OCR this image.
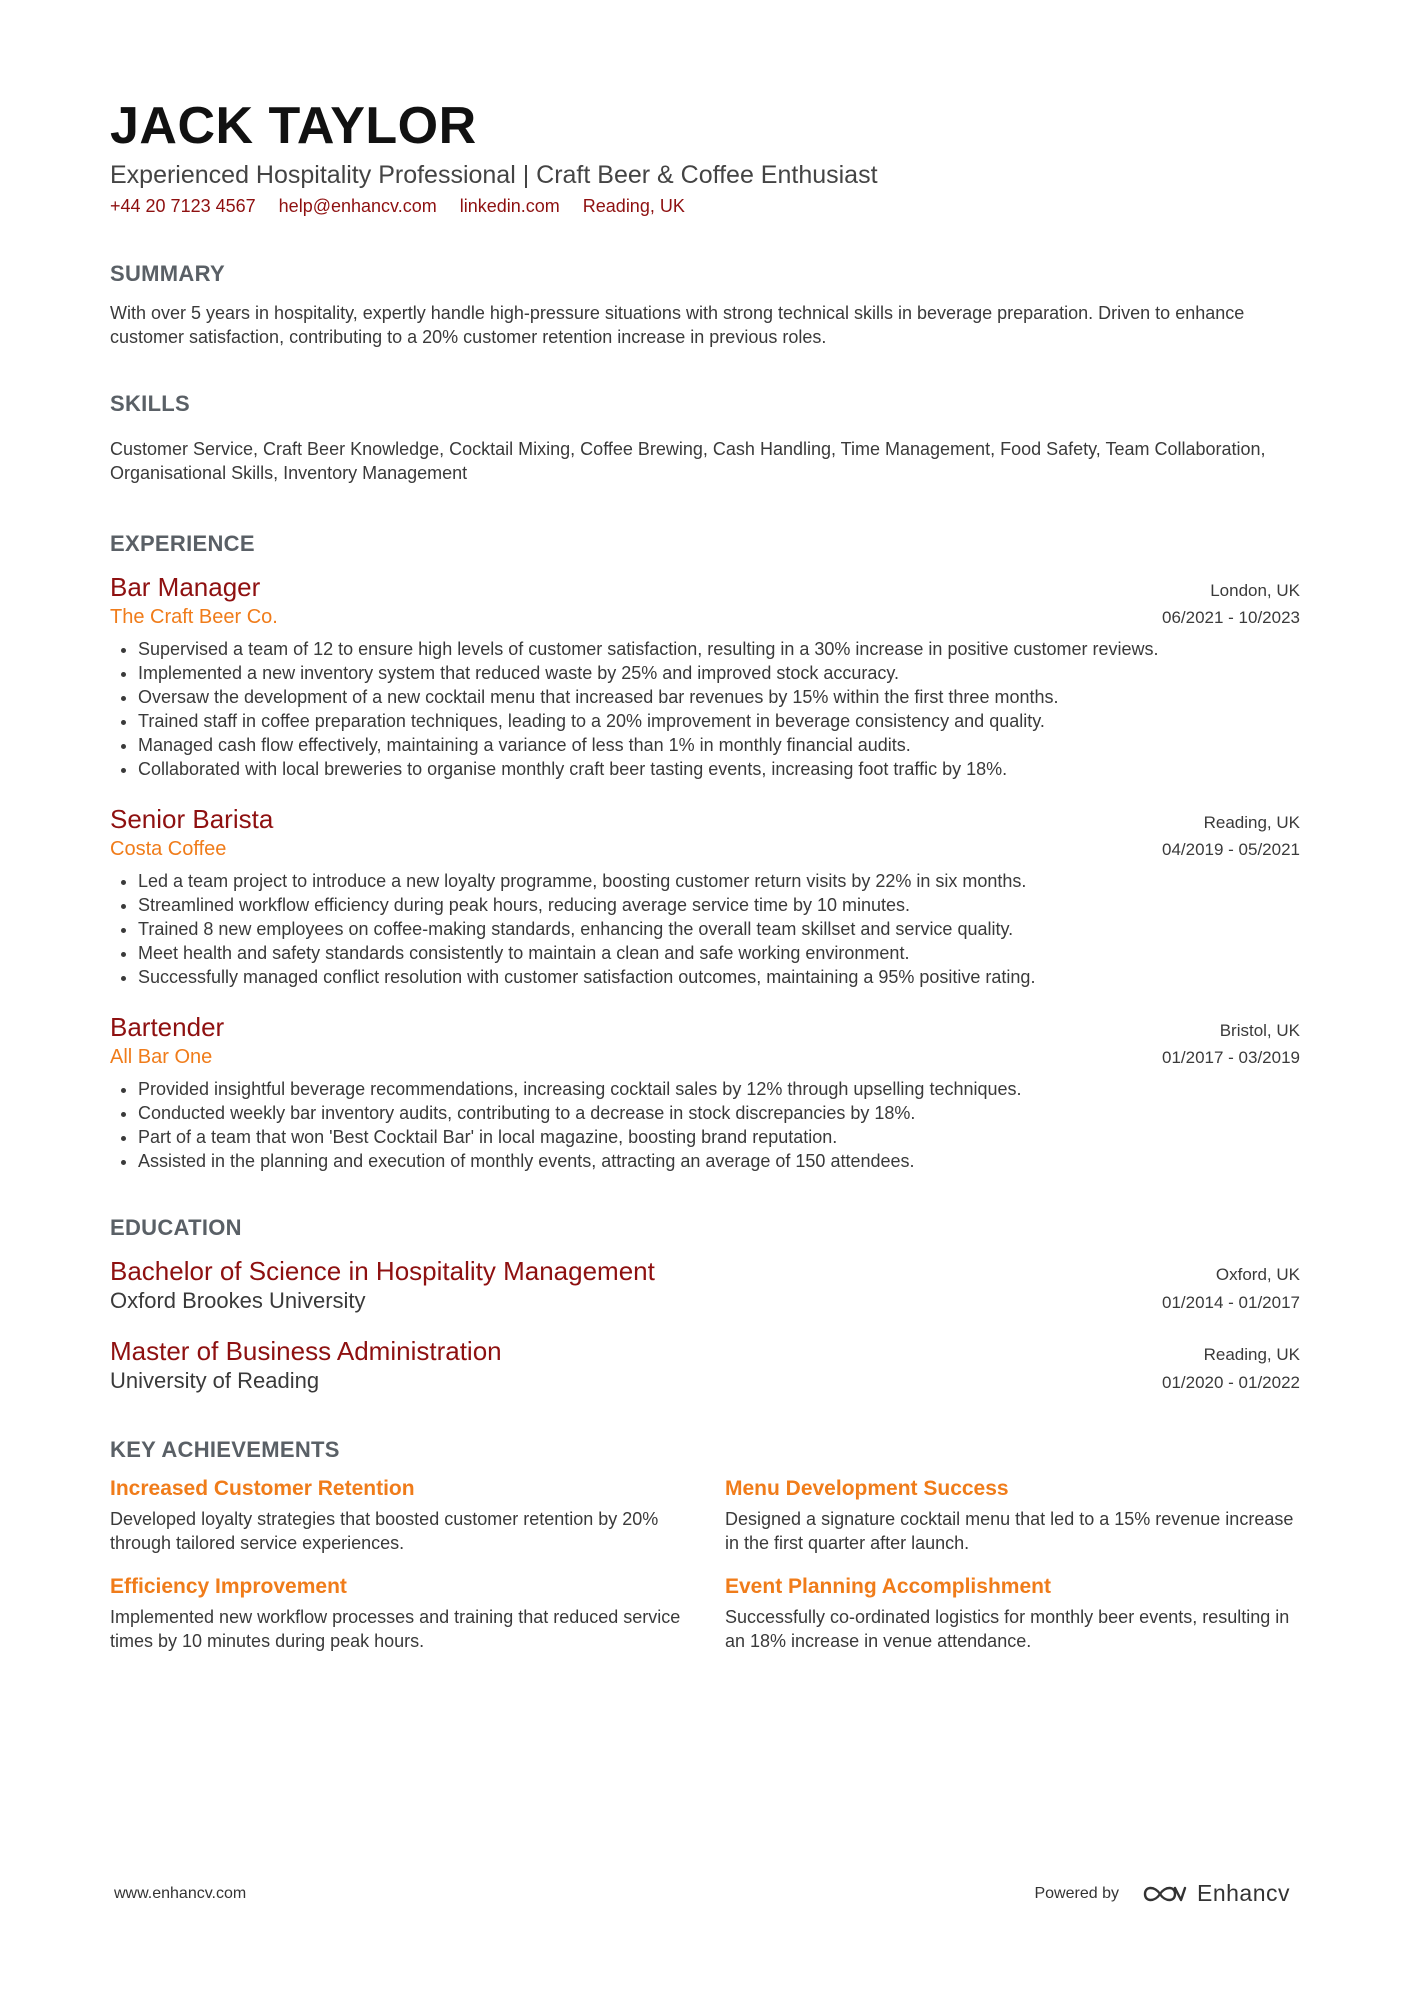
JACK TAYLOR
Experienced Hospitality Professional | Craft Beer & Coffee Enthusiast
+44 20 7123 4567 help@enhancv.com linkedin.com Reading, UK
SUMMARY
With over 5 years in hospitality, expertly handle high-pressure situations with strong technical skills in beverage preparation. Driven to enhance customer satisfaction, contributing to a 20% customer retention increase in previous roles.
SKILLS
Customer Service, Craft Beer Knowledge, Cocktail Mixing, Coffee Brewing, Cash Handling, Time Management, Food Safety, Team Collaboration, Organisational Skills, Inventory Management
EXPERIENCE
Bar Manager	London, UK
The Craft Beer Co.	06/2021 - 10/2023
• Supervised a team of 12 to ensure high levels of customer satisfaction, resulting in a 30% increase in positive customer reviews.
• Implemented a new inventory system that reduced waste by 25% and improved stock accuracy.
• Oversaw the development of a new cocktail menu that increased bar revenues by 15% within the first three months.
• Trained staff in coffee preparation techniques, leading to a 20% improvement in beverage consistency and quality.
• Managed cash flow effectively, maintaining a variance of less than 1% in monthly financial audits.
• Collaborated with local breweries to organise monthly craft beer tasting events, increasing foot traffic by 18%.
Senior Barista	Reading, UK
Costa Coffee	04/2019 - 05/2021
• Led a team project to introduce a new loyalty programme, boosting customer return visits by 22% in six months.
• Streamlined workflow efficiency during peak hours, reducing average service time by 10 minutes.
• Trained 8 new employees on coffee-making standards, enhancing the overall team skillset and service quality.
• Meet health and safety standards consistently to maintain a clean and safe working environment.
• Successfully managed conflict resolution with customer satisfaction outcomes, maintaining a 95% positive rating.
Bartender	Bristol, UK
All Bar One	01/2017 - 03/2019
• Provided insightful beverage recommendations, increasing cocktail sales by 12% through upselling techniques.
• Conducted weekly bar inventory audits, contributing to a decrease in stock discrepancies by 18%.
• Part of a team that won 'Best Cocktail Bar' in local magazine, boosting brand reputation.
• Assisted in the planning and execution of monthly events, attracting an average of 150 attendees.
EDUCATION
Bachelor of Science in Hospitality Management	Oxford, UK
Oxford Brookes University	01/2014 - 01/2017
Master of Business Administration	Reading, UK
University of Reading	01/2020 - 01/2022
KEY ACHIEVEMENTS
Increased Customer Retention
Developed loyalty strategies that boosted customer retention by 20% through tailored service experiences.
Menu Development Success
Designed a signature cocktail menu that led to a 15% revenue increase in the first quarter after launch.
Efficiency Improvement
Implemented new workflow processes and training that reduced service times by 10 minutes during peak hours.
Event Planning Accomplishment
Successfully co-ordinated logistics for monthly beer events, resulting in an 18% increase in venue attendance.
www.enhancv.com	Powered by	Enhancv
